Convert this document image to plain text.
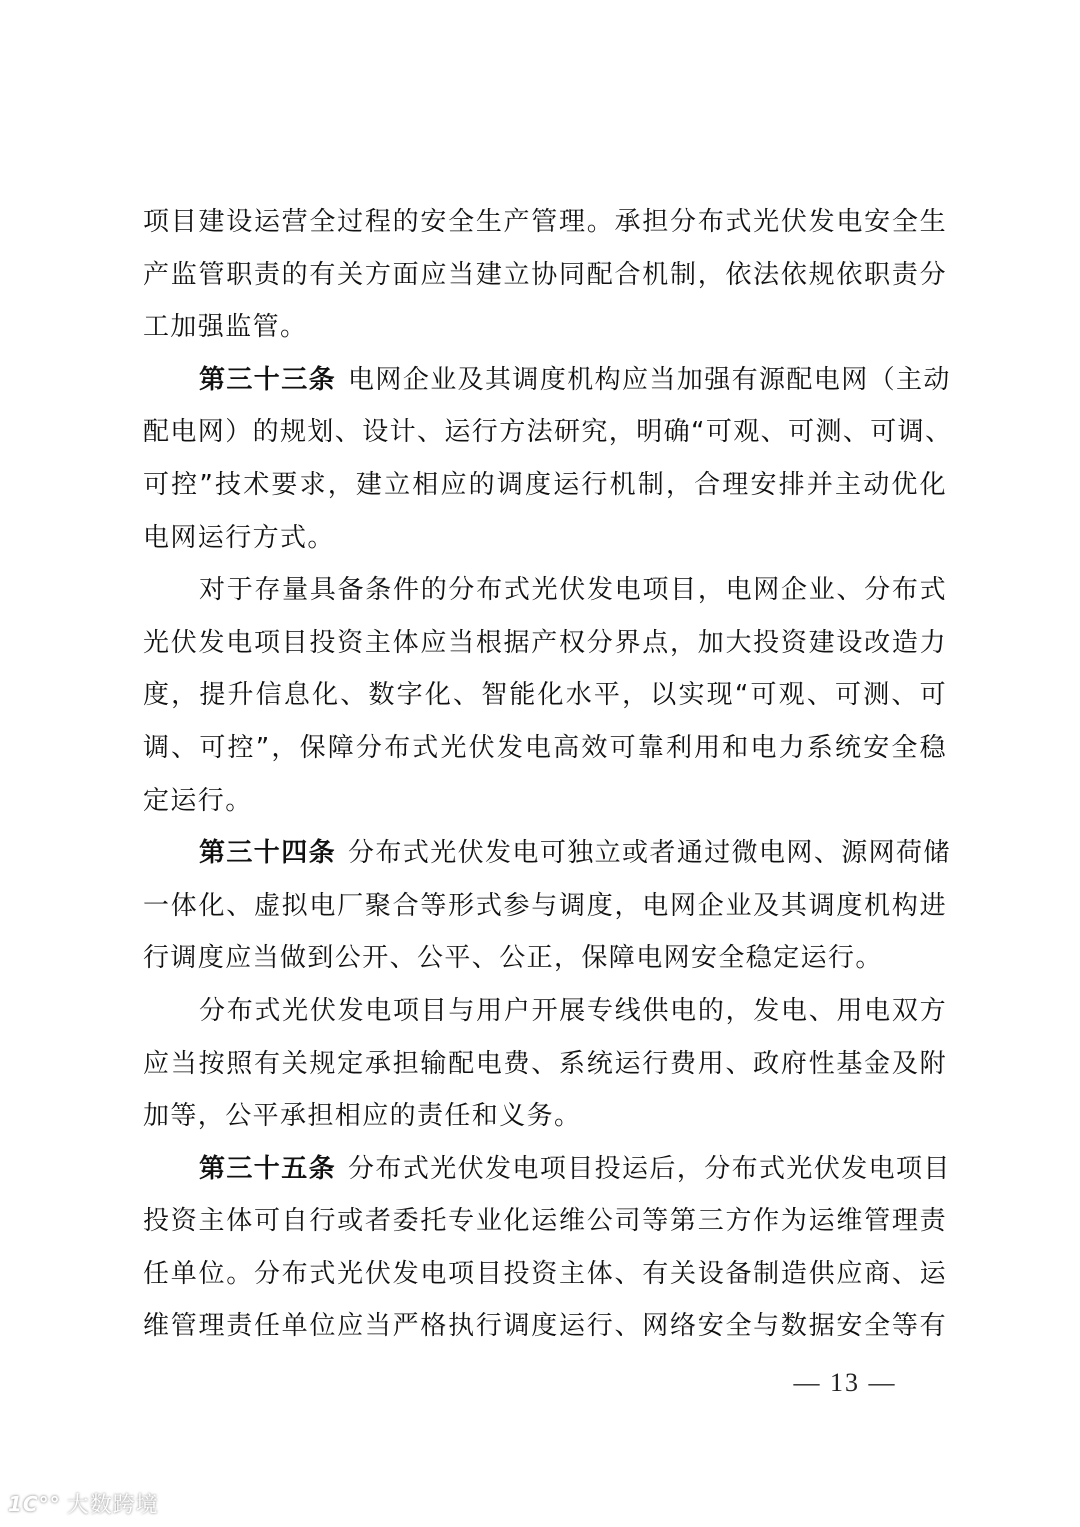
项目建设运营全过程的安全生产管理。承担分布式光伏发电安全生
产监管职责的有关方面应当建立协同配合机制，依法依规依职责分
工加强监管。
第三十三条 电网企业及其调度机构应当加强有源配电网（主动
配电网）的规划、设计、运行方法研究，明确“可观、可测、可调、
可控”技术要求，建立相应的调度运行机制，合理安排并主动优化
电网运行方式。
对于存量具备条件的分布式光伏发电项目，电网企业、分布式
光伏发电项目投资主体应当根据产权分界点，加大投资建设改造力
度，提升信息化、数字化、智能化水平，以实现“可观、可测、可
调、可控”，保障分布式光伏发电高效可靠利用和电力系统安全稳
定运行。
第三十四条 分布式光伏发电可独立或者通过微电网、源网荷储
一体化、虚拟电厂聚合等形式参与调度，电网企业及其调度机构进
行调度应当做到公开、公平、公正，保障电网安全稳定运行。
分布式光伏发电项目与用户开展专线供电的，发电、用电双方
应当按照有关规定承担输配电费、系统运行费用、政府性基金及附
加等，公平承担相应的责任和义务。
第三十五条 分布式光伏发电项目投运后，分布式光伏发电项目
投资主体可自行或者委托专业化运维公司等第三方作为运维管理责
任单位。分布式光伏发电项目投资主体、有关设备制造供应商、运
维管理责任单位应当严格执行调度运行、网络安全与数据安全等有
— 13 —
1C°° 大数跨境
